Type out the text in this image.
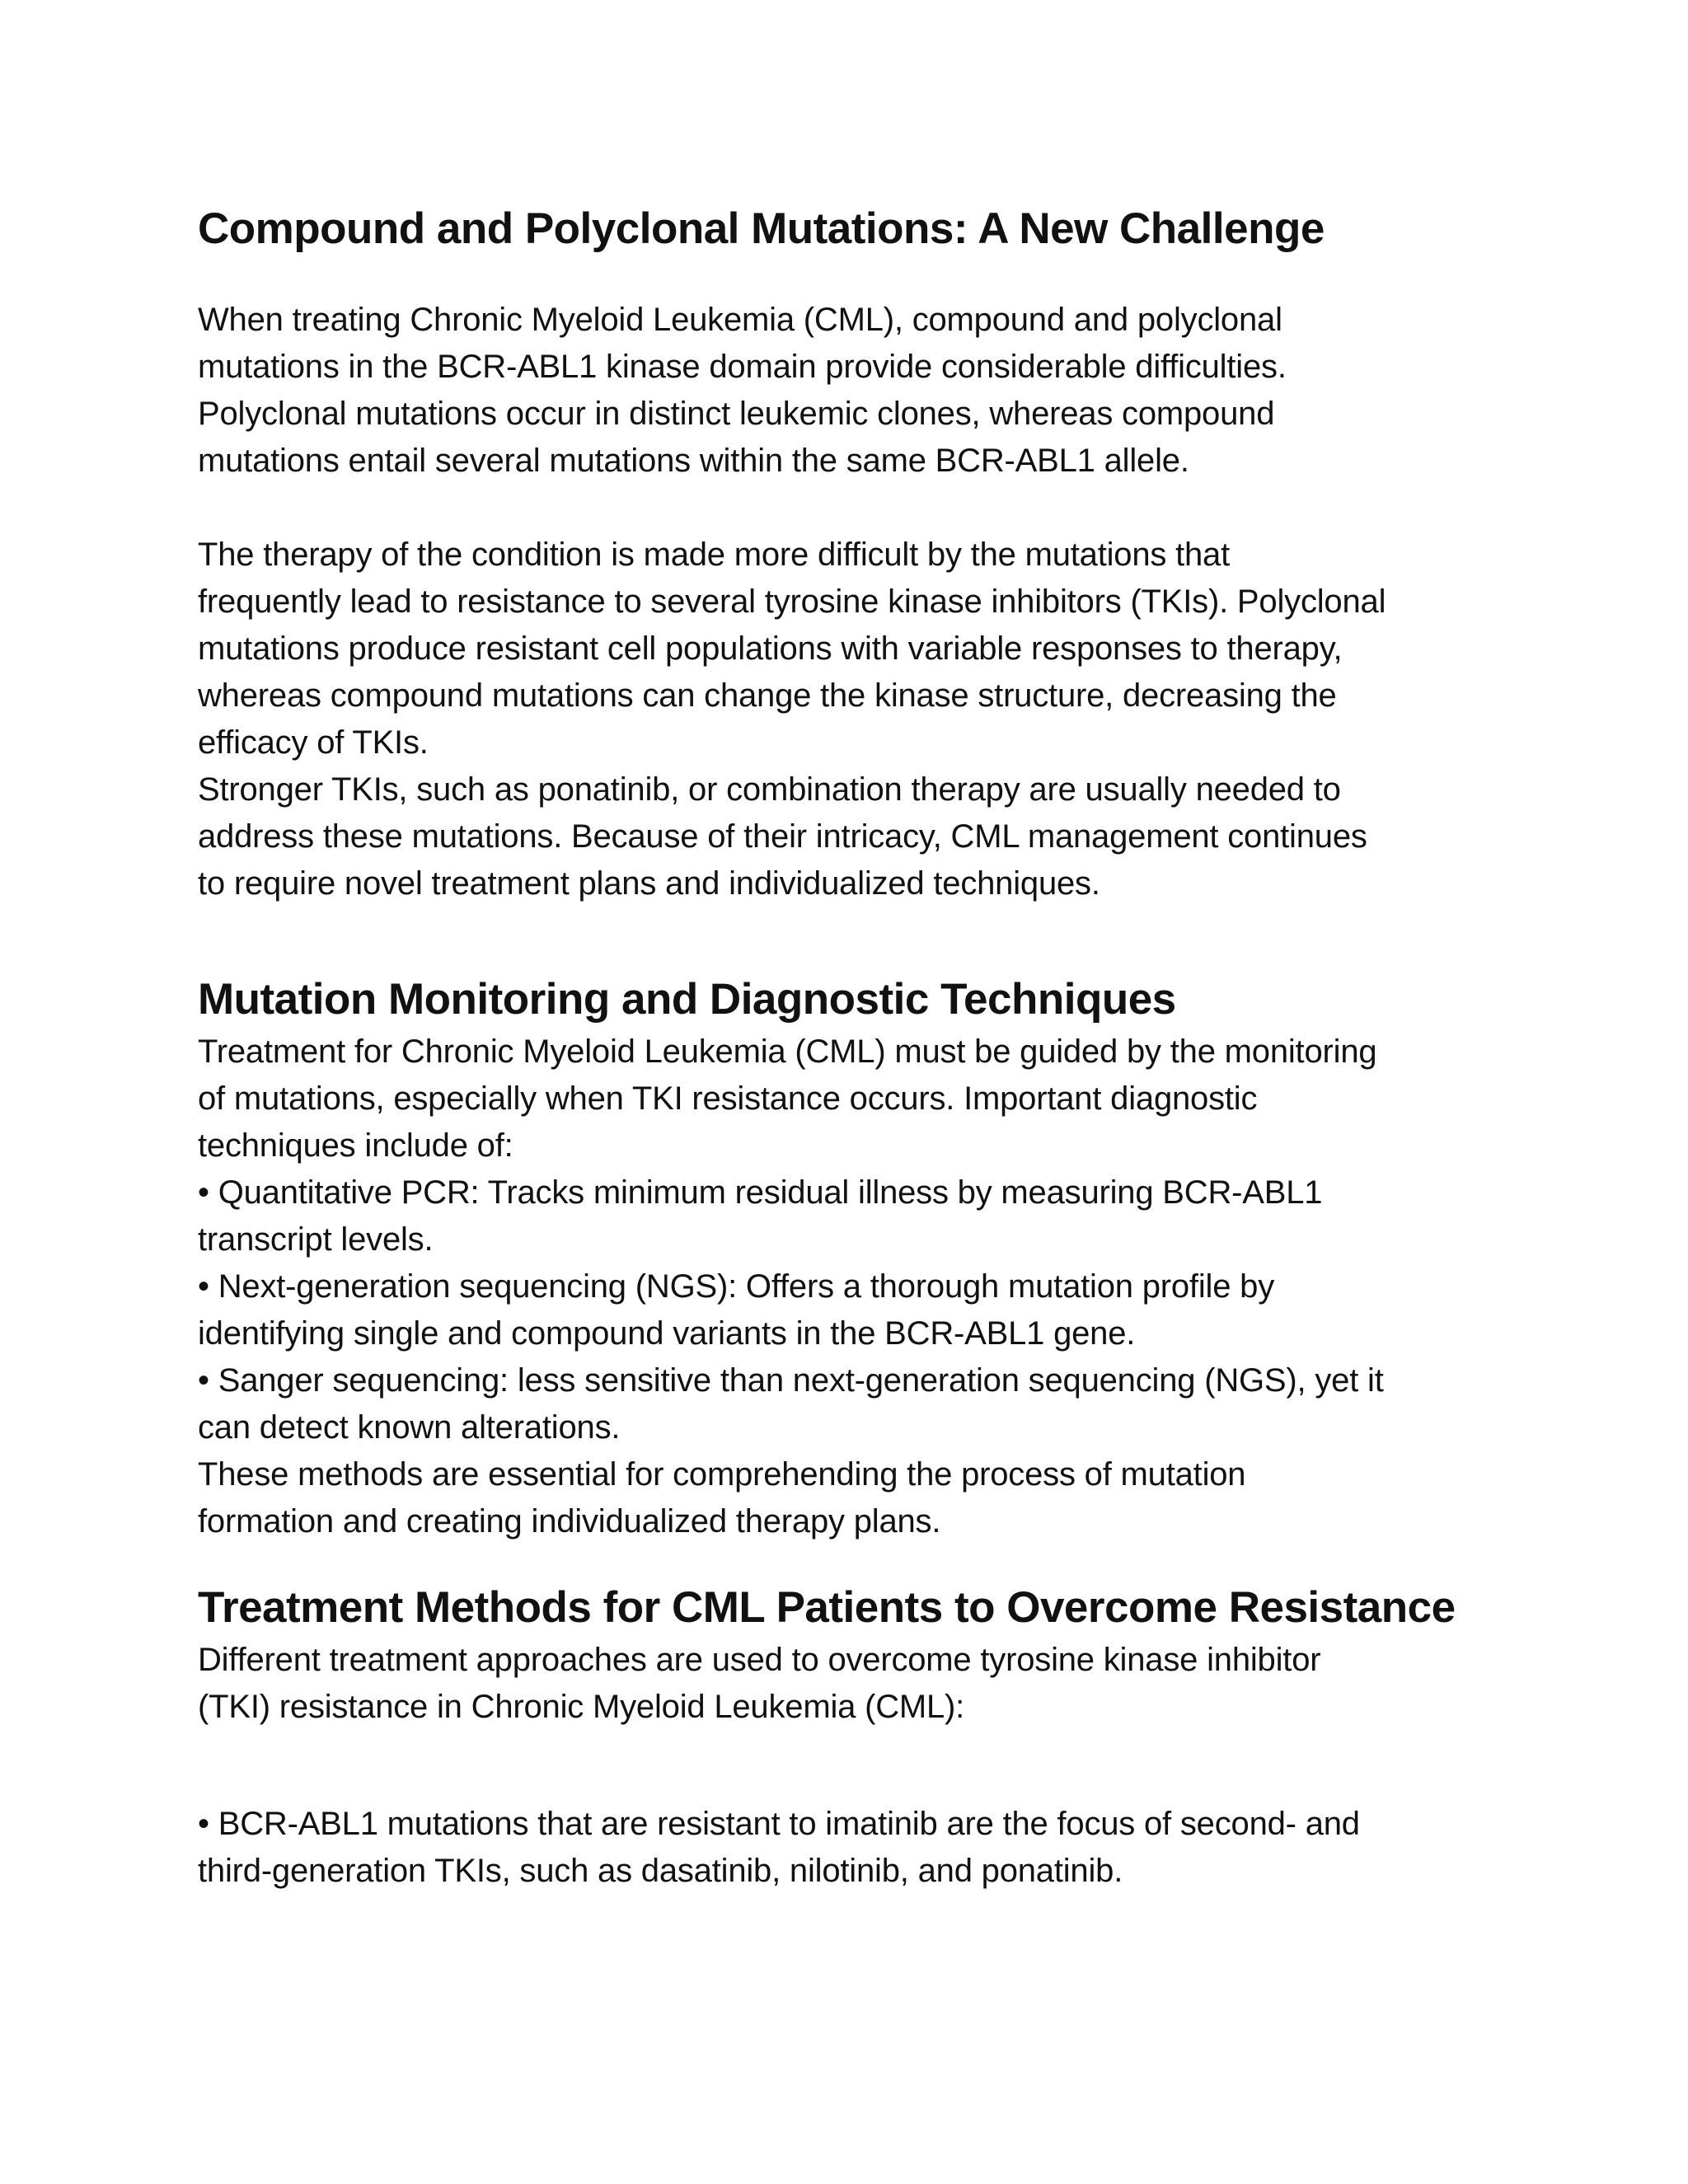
Compound and Polyclonal Mutations: A New Challenge
When treating Chronic Myeloid Leukemia (CML), compound and polyclonal
mutations in the BCR-ABL1 kinase domain provide considerable difficulties.
Polyclonal mutations occur in distinct leukemic clones, whereas compound
mutations entail several mutations within the same BCR-ABL1 allele.
The therapy of the condition is made more difficult by the mutations that
frequently lead to resistance to several tyrosine kinase inhibitors (TKIs). Polyclonal
mutations produce resistant cell populations with variable responses to therapy,
whereas compound mutations can change the kinase structure, decreasing the
efficacy of TKIs.
Stronger TKIs, such as ponatinib, or combination therapy are usually needed to
address these mutations. Because of their intricacy, CML management continues
to require novel treatment plans and individualized techniques.
Mutation Monitoring and Diagnostic Techniques
Treatment for Chronic Myeloid Leukemia (CML) must be guided by the monitoring
of mutations, especially when TKI resistance occurs. Important diagnostic
techniques include of:
• Quantitative PCR: Tracks minimum residual illness by measuring BCR-ABL1
transcript levels.
• Next-generation sequencing (NGS): Offers a thorough mutation profile by
identifying single and compound variants in the BCR-ABL1 gene.
• Sanger sequencing: less sensitive than next-generation sequencing (NGS), yet it
can detect known alterations.
These methods are essential for comprehending the process of mutation
formation and creating individualized therapy plans.
Treatment Methods for CML Patients to Overcome Resistance
Different treatment approaches are used to overcome tyrosine kinase inhibitor
(TKI) resistance in Chronic Myeloid Leukemia (CML):
• BCR-ABL1 mutations that are resistant to imatinib are the focus of second- and
third-generation TKIs, such as dasatinib, nilotinib, and ponatinib.
